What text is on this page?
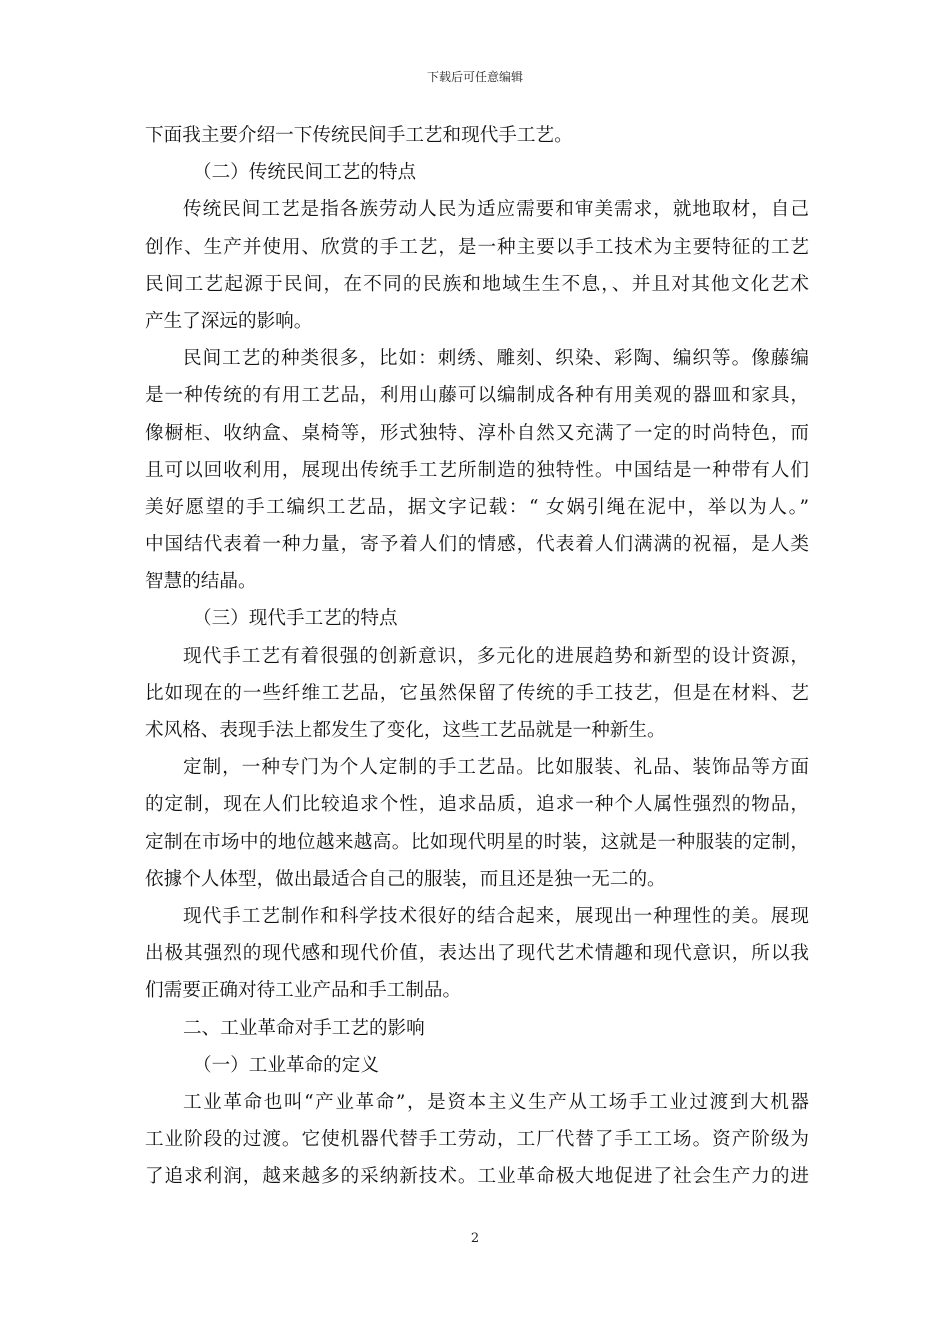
下载后可任意编辑
下面我主要介绍一下传统民间手工艺和现代手工艺。
（二）传统民间工艺的特点
传统民间工艺是指各族劳动人民为适应需要和审美需求，就地取材，自己
创作、生产并使用、欣赏的手工艺，是一种主要以手工技术为主要特征的工艺
民间工艺起源于民间，在不同的民族和地域生生不息，、并且对其他文化艺术
产生了深远的影响。
民间工艺的种类很多，比如：刺绣、雕刻、织染、彩陶、编织等。像藤编
是一种传统的有用工艺品，利用山藤可以编制成各种有用美观的器皿和家具，
像橱柜、收纳盒、桌椅等，形式独特、淳朴自然又充满了一定的时尚特色，而
且可以回收利用，展现出传统手工艺所制造的独特性。中国结是一种带有人们
美好愿望的手工编织工艺品，据文字记载：“ 女娲引绳在泥中，举以为人。”
中国结代表着一种力量，寄予着人们的情感，代表着人们满满的祝福，是人类
智慧的结晶。
（三）现代手工艺的特点
现代手工艺有着很强的创新意识，多元化的进展趋势和新型的设计资源，
比如现在的一些纤维工艺品，它虽然保留了传统的手工技艺，但是在材料、艺
术风格、表现手法上都发生了变化，这些工艺品就是一种新生。
定制，一种专门为个人定制的手工艺品。比如服装、礼品、装饰品等方面
的定制，现在人们比较追求个性，追求品质，追求一种个人属性强烈的物品，
定制在市场中的地位越来越高。比如现代明星的时装，这就是一种服装的定制，
依據个人体型，做出最适合自己的服装，而且还是独一无二的。
现代手工艺制作和科学技术很好的结合起来，展现出一种理性的美。展现
出极其强烈的现代感和现代价值，表达出了现代艺术情趣和现代意识，所以我
们需要正确对待工业产品和手工制品。
二、工业革命对手工艺的影响
（一）工业革命的定义
工业革命也叫“产业革命”，是资本主义生产从工场手工业过渡到大机器
工业阶段的过渡。它使机器代替手工劳动，工厂代替了手工工场。资产阶级为
了追求利润，越来越多的采纳新技术。工业革命极大地促进了社会生产力的进
2
